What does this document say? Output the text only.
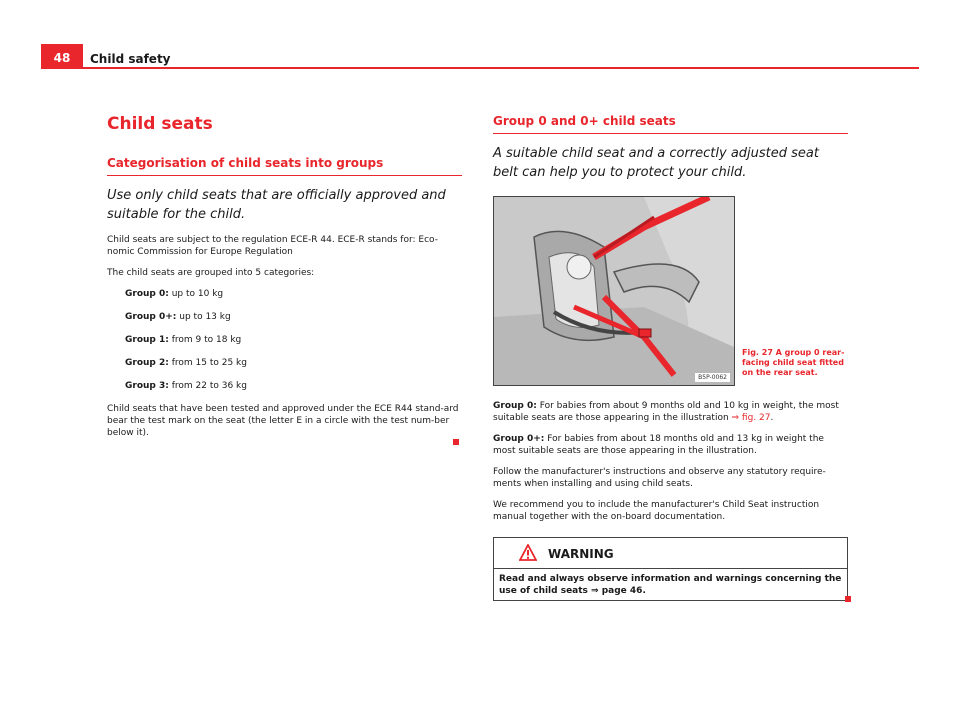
48	Child safety
Child seats
Categorisation of child seats into groups

Use only child seats that are officially approved and suitable for the child.

Child seats are subject to the regulation ECE-R 44. ECE-R stands for: Eco-nomic Commission for Europe Regulation

The child seats are grouped into 5 categories:

Group 0: up to 10 kg
Group 0+: up to 13 kg
Group 1: from 9 to 18 kg
Group 2: from 15 to 25 kg
Group 3: from 22 to 36 kg

Child seats that have been tested and approved under the ECE R44 stand-ard bear the test mark on the seat (the letter E in a circle with the test num-ber below it).

Group 0 and 0+ child seats

A suitable child seat and a correctly adjusted seat belt can help you to protect your child.

B5P-0062
Fig. 27 A group 0 rear-facing child seat fitted on the rear seat.

Group 0: For babies from about 9 months old and 10 kg in weight, the most suitable seats are those appearing in the illustration ⇒ fig. 27.

Group 0+: For babies from about 18 months old and 13 kg in weight the most suitable seats are those appearing in the illustration.

Follow the manufacturer's instructions and observe any statutory require-ments when installing and using child seats.

We recommend you to include the manufacturer's Child Seat instruction manual together with the on-board documentation.

WARNING
Read and always observe information and warnings concerning the use of child seats ⇒ page 46.
